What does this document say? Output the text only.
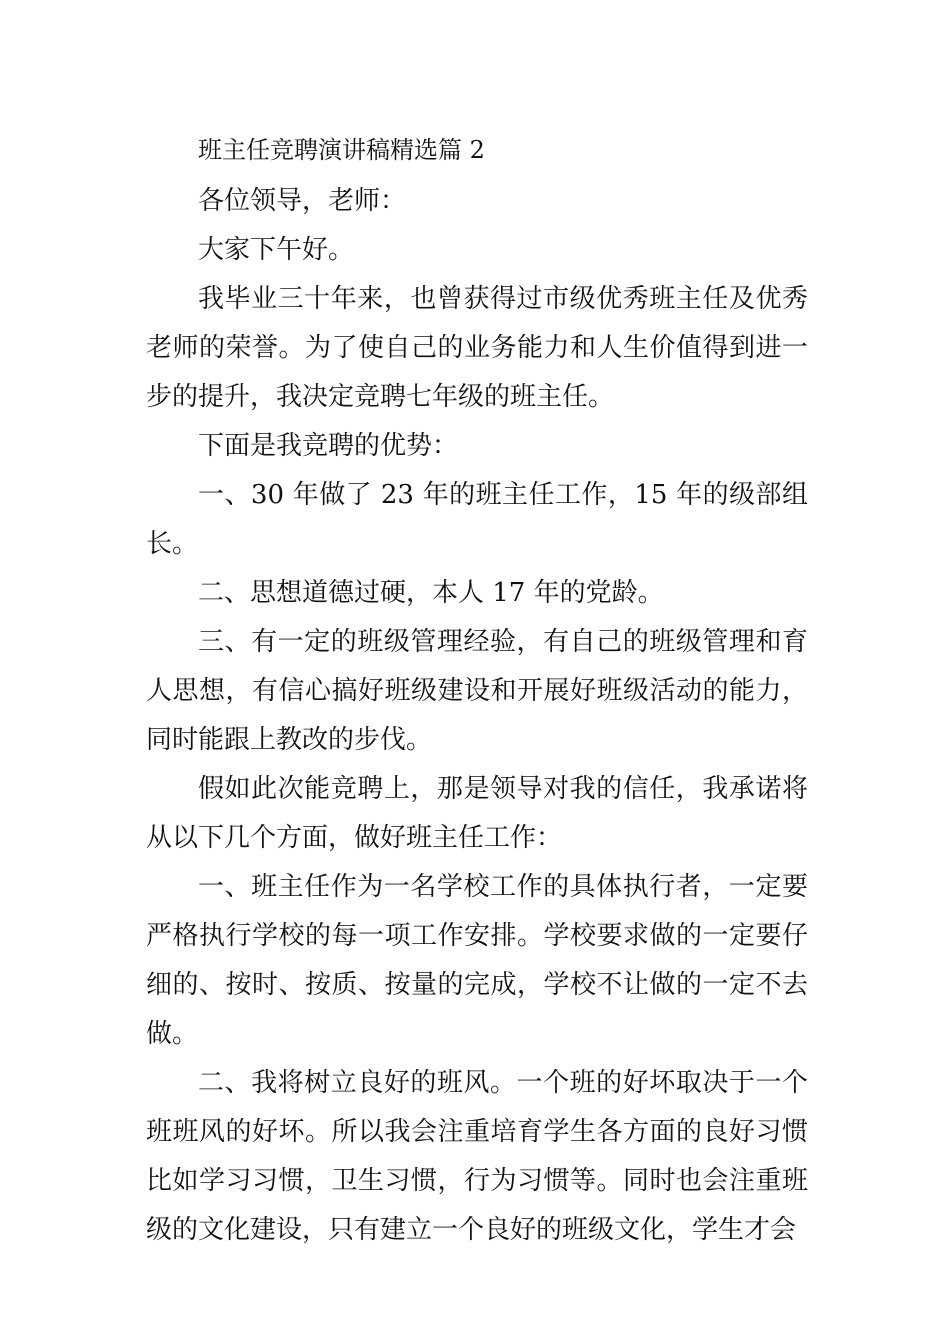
班主任竞聘演讲稿精选篇 2

各位领导，老师：

大家下午好。

我毕业三十年来，也曾获得过市级优秀班主任及优秀老师的荣誉。为了使自己的业务能力和人生价值得到进一步的提升，我决定竞聘七年级的班主任。

下面是我竞聘的优势：

一、30 年做了 23 年的班主任工作，15 年的级部组长。

二、思想道德过硬，本人 17 年的党龄。

三、有一定的班级管理经验，有自己的班级管理和育人思想，有信心搞好班级建设和开展好班级活动的能力，同时能跟上教改的步伐。

假如此次能竞聘上，那是领导对我的信任，我承诺将从以下几个方面，做好班主任工作：

一、班主任作为一名学校工作的具体执行者，一定要严格执行学校的每一项工作安排。学校要求做的一定要仔细的、按时、按质、按量的完成，学校不让做的一定不去做。

二、我将树立良好的班风。一个班的好坏取决于一个班班风的好坏。所以我会注重培育学生各方面的良好习惯比如学习习惯，卫生习惯，行为习惯等。同时也会注重班级的文化建设，只有建立一个良好的班级文化，学生才会
